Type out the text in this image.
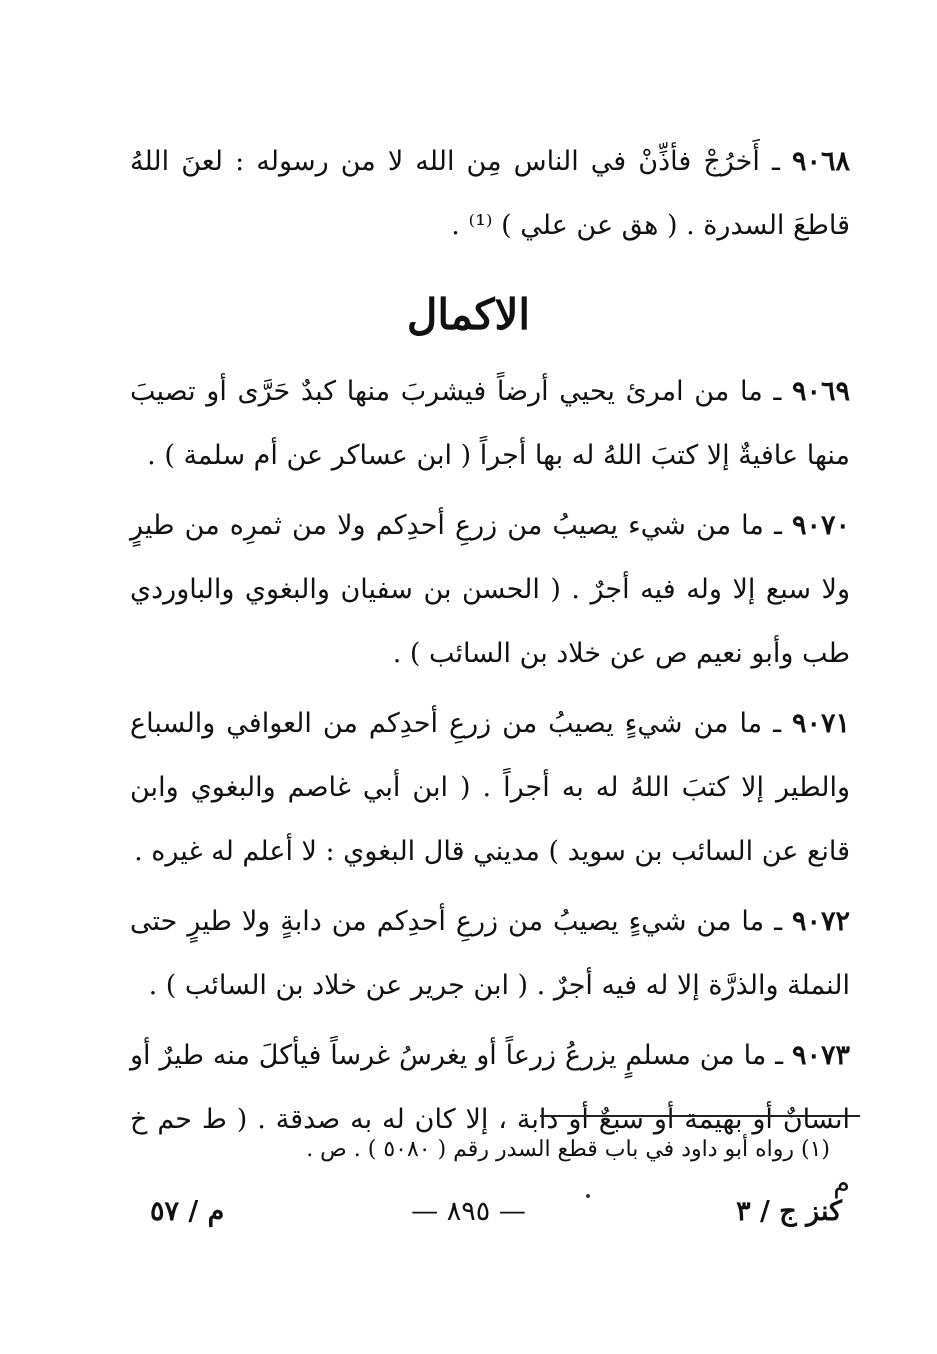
٩٠٦٨ ـ أَخرُجْ فأذِّنْ في الناس مِن الله لا من رسوله : لعنَ اللهُ قاطعَ السدرة . ( هق عن علي ) ⁽¹⁾ .

الاكمال

٩٠٦٩ ـ ما من امرئ يحيي أرضاً فيشربَ منها كبدٌ حَرَّى أو تصيبَ منها عافيةٌ إلا كتبَ اللهُ له بها أجراً ( ابن عساكر عن أم سلمة ) .

٩٠٧٠ ـ ما من شيء يصيبُ من زرعِ أحدِكم ولا من ثمرِه من طيرٍ ولا سبع إلا وله فيه أجرٌ . ( الحسن بن سفيان والبغوي والباوردي طب وأبو نعيم ص عن خلاد بن السائب ) .

٩٠٧١ ـ ما من شيءٍ يصيبُ من زرعِ أحدِكم من العوافي والسباع والطير إلا كتبَ اللهُ له به أجراً . ( ابن أبي غاصم والبغوي وابن قانع عن السائب بن سويد ) مديني قال البغوي : لا أعلم له غيره .

٩٠٧٢ ـ ما من شيءٍ يصيبُ من زرعِ أحدِكم من دابةٍ ولا طيرٍ حتى النملة والذرَّة إلا له فيه أجرٌ . ( ابن جرير عن خلاد بن السائب ) .

٩٠٧٣ ـ ما من مسلمٍ يزرعُ زرعاً أو يغرسُ غرساً فيأكلَ منه طيرٌ أو انسانٌ أو بهيمة أو سبعٌ أو دابة ، إلا كان له به صدقة . ( ط حم خ م

(١) رواه أبو داود في باب قطع السدر رقم ( ٥٠٨٠ ) . ص .
كنز ج / ٣
— ٨٩٥ —
م / ٥٧
